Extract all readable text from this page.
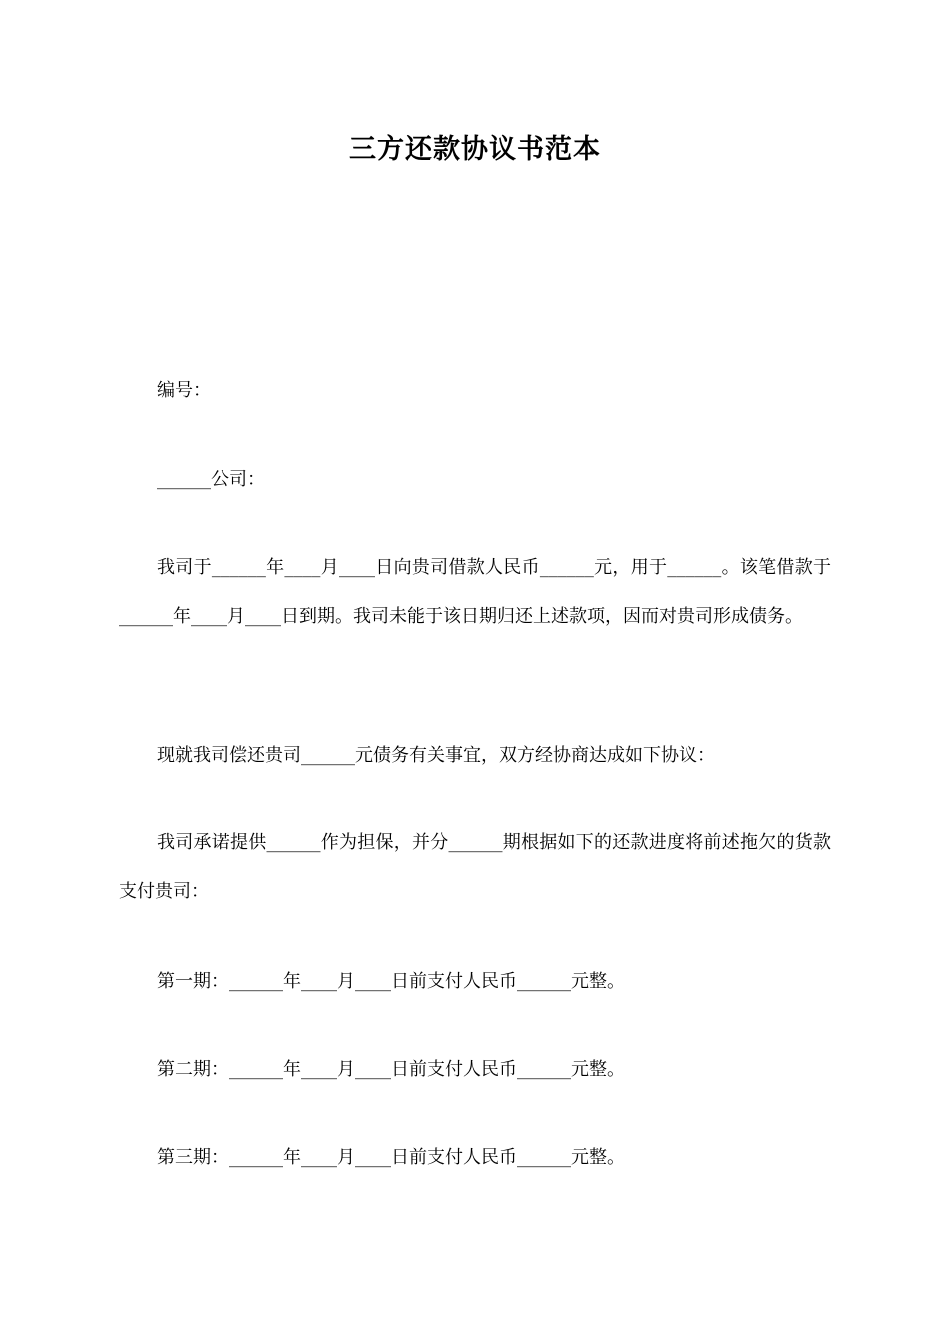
三方还款协议书范本
编号：
______公司：
我司于______年____月____日向贵司借款人民币______元，用于______。该笔借款于______年____月____日到期。我司未能于该日期归还上述款项，因而对贵司形成债务。
现就我司偿还贵司______元债务有关事宜，双方经协商达成如下协议：
我司承诺提供______作为担保，并分______期根据如下的还款进度将前述拖欠的货款支付贵司：
第一期：______年____月____日前支付人民币______元整。
第二期：______年____月____日前支付人民币______元整。
第三期：______年____月____日前支付人民币______元整。
